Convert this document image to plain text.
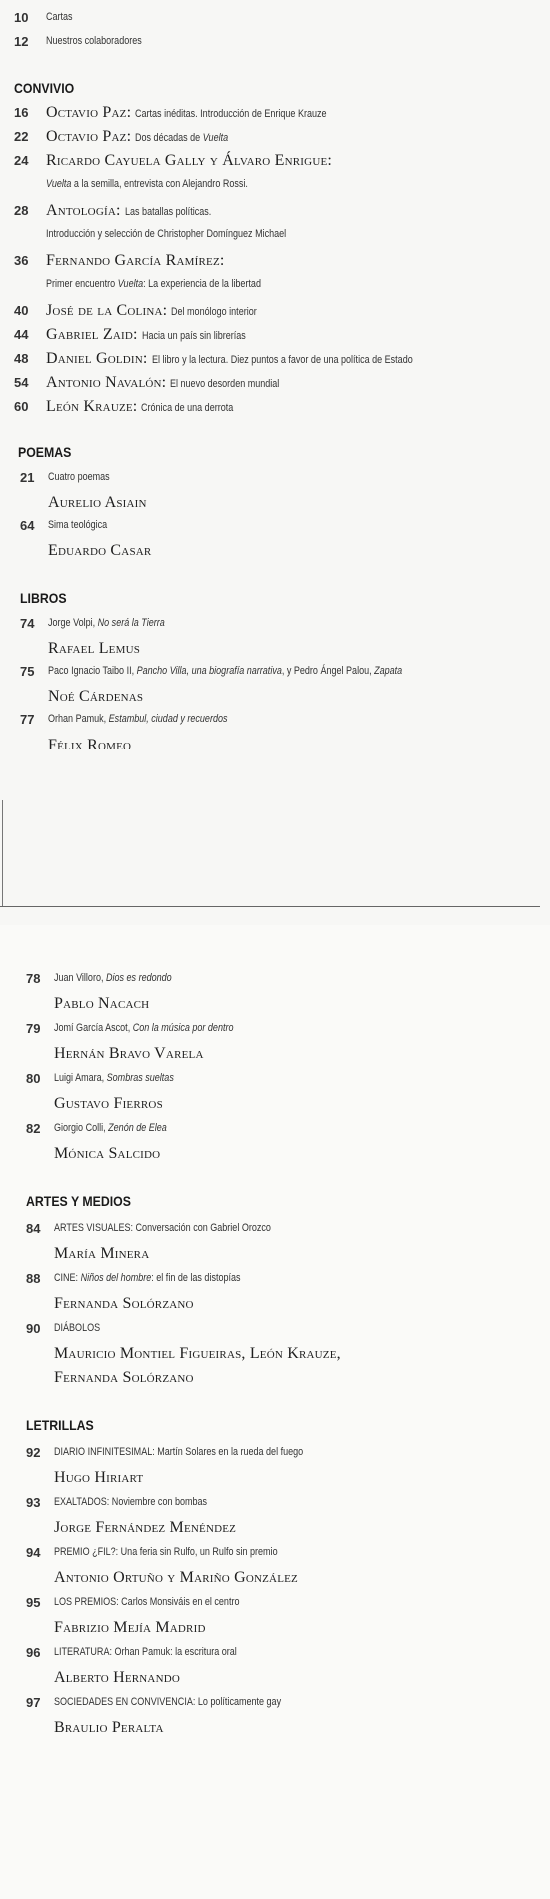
10 Cartas
12 Nuestros colaboradores
CONVIVIO
16 Octavio Paz: Cartas inéditas. Introducción de Enrique Krauze
22 Octavio Paz: Dos décadas de Vuelta
24 Ricardo Cayuela Gally y Álvaro Enrigue:
Vuelta a la semilla, entrevista con Alejandro Rossi.
28 Antología: Las batallas políticas.
Introducción y selección de Christopher Domínguez Michael
36 Fernando García Ramírez:
Primer encuentro Vuelta: La experiencia de la libertad
40 José de la Colina: Del monólogo interior
44 Gabriel Zaid: Hacia un país sin librerías
48 Daniel Goldin: El libro y la lectura. Diez puntos a favor de una política de Estado
54 Antonio Navalón: El nuevo desorden mundial
60 León Krauze: Crónica de una derrota
POEMAS
21 Cuatro poemas
Aurelio Asiain
64 Sima teológica
Eduardo Casar
LIBROS
74 Jorge Volpi, No será la Tierra
Rafael Lemus
75 Paco Ignacio Taibo II, Pancho Villa, una biografía narrativa, y Pedro Ángel Palou, Zapata
Noé Cárdenas
77 Orhan Pamuk, Estambul, ciudad y recuerdos
Félix Romeo
78 Juan Villoro, Dios es redondo
Pablo Nacach
79 Jomí García Ascot, Con la música por dentro
Hernán Bravo Varela
80 Luigi Amara, Sombras sueltas
Gustavo Fierros
82 Giorgio Colli, Zenón de Elea
Mónica Salcido
ARTES Y MEDIOS
84 ARTES VISUALES: Conversación con Gabriel Orozco
María Minera
88 CINE: Niños del hombre: el fin de las distopías
Fernanda Solórzano
90 DIÁBOLOS
Mauricio Montiel Figueiras, León Krauze,
Fernanda Solórzano
LETRILLAS
92 DIARIO INFINITESIMAL: Martín Solares en la rueda del fuego
Hugo Hiriart
93 EXALTADOS: Noviembre con bombas
Jorge Fernández Menéndez
94 PREMIO ¿FIL?: Una feria sin Rulfo, un Rulfo sin premio
Antonio Ortuño y Mariño González
95 LOS PREMIOS: Carlos Monsiváis en el centro
Fabrizio Mejía Madrid
96 LITERATURA: Orhan Pamuk: la escritura oral
Alberto Hernando
97 SOCIEDADES EN CONVIVENCIA: Lo políticamente gay
Braulio Peralta
